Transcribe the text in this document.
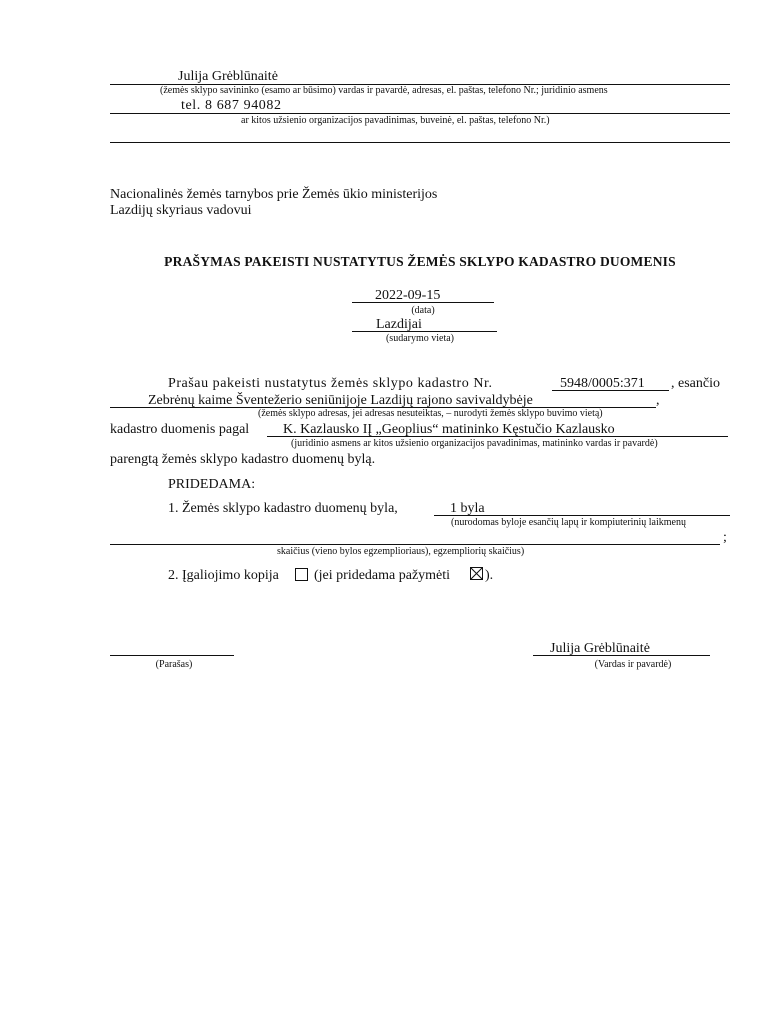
Julija Grėblūnaitė
(žemės sklypo savininko (esamo ar būsimo) vardas ir pavardė, adresas, el. paštas, telefono Nr.; juridinio asmens
tel. 8 687 94082
ar kitos užsienio organizacijos pavadinimas, buveinė, el. paštas, telefono Nr.)
Nacionalinės žemės tarnybos prie Žemės ūkio ministerijos
Lazdijų skyriaus vadovui
PRAŠYMAS PAKEISTI NUSTATYTUS ŽEMĖS SKLYPO KADASTRO DUOMENIS
2022-09-15
(data)
Lazdijai
(sudarymo vieta)
Prašau pakeisti nustatytus žemės sklypo kadastro Nr.	5948/0005:371 , esančio
Zebrėnų kaime Šventežerio seniūnijoje Lazdijų rajono savivaldybėje	,
(žemės sklypo adresas, jei adresas nesuteiktas, – nurodyti žemės sklypo buvimo vietą)
kadastro duomenis pagal K. Kazlausko IĮ „Geoplius“ matininko Kęstučio Kazlausko
(juridinio asmens ar kitos užsienio organizacijos pavadinimas, matininko vardas ir pavardė)
parengtą žemės sklypo kadastro duomenų bylą.
PRIDEDAMA:
1. Žemės sklypo kadastro duomenų byla,	1 byla
(nurodomas byloje esančių lapų ir kompiuterinių laikmenų
;
skaičius (vieno bylos egzemplioriaus), egzempliorių skaičius)
2. Įgaliojimo kopija	(jei pridedama pažymėti ).
(Parašas)
Julija Grėblūnaitė
(Vardas ir pavardė)
